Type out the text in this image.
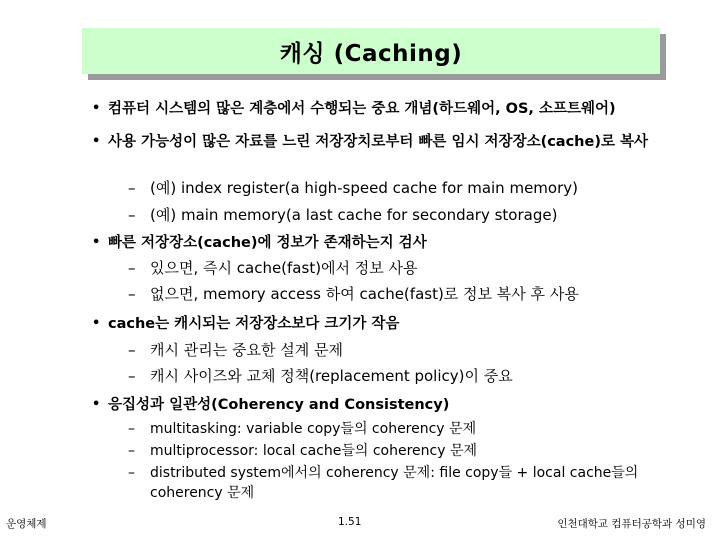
캐싱 (Caching)
• 컴퓨터 시스템의 많은 계층에서 수행되는 중요 개념(하드웨어, OS, 소프트웨어)
• 사용 가능성이 많은 자료를 느린 저장장치로부터 빠른 임시 저장장소(cache)로 복사
– (예) index register(a high-speed cache for main memory)
– (예) main memory(a last cache for secondary storage)
• 빠른 저장장소(cache)에 정보가 존재하는지 검사
– 있으면, 즉시 cache(fast)에서 정보 사용
– 없으면, memory access 하여 cache(fast)로 정보 복사 후 사용
• cache는 캐시되는 저장장소보다 크기가 작음
– 캐시 관리는 중요한 설계 문제
– 캐시 사이즈와 교체 정책(replacement policy)이 중요
• 응집성과 일관성(Coherency and Consistency)
–	multitasking: variable copy들의 coherency 문제
–	multiprocessor: local cache들의 coherency 문제
–	distributed system에서의 coherency 문제: file copy들 + local cache들의 coherency 문제
운영체제	1.51	인천대학교 컴퓨터공학과 성미영
